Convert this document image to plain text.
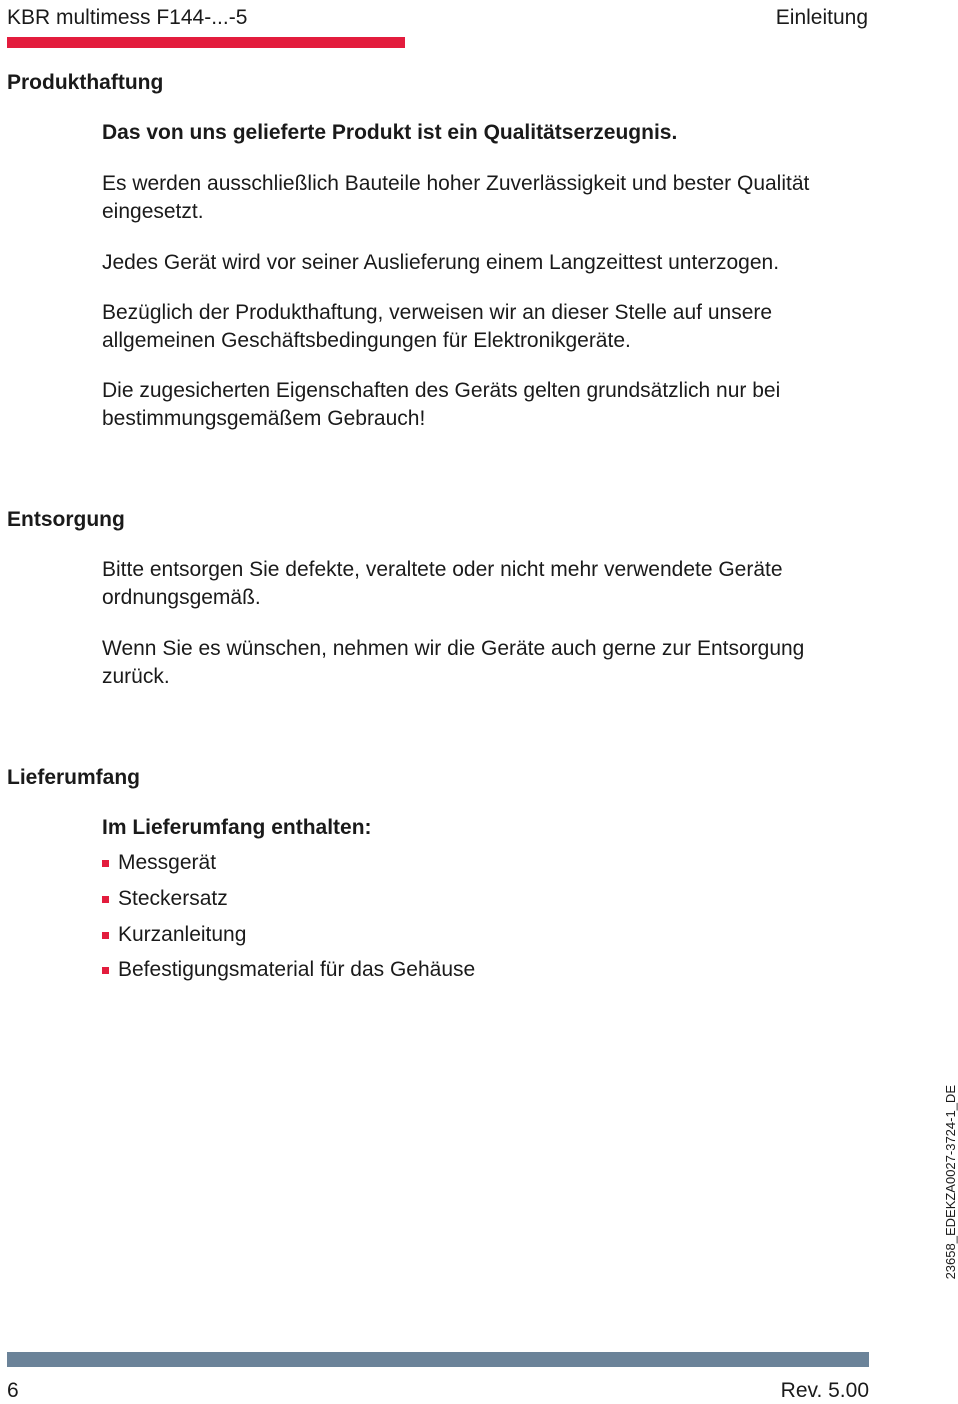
KBR multimess F144-...-5	Einleitung
Produkthaftung

Das von uns gelieferte Produkt ist ein Qualitätserzeugnis.

Es werden ausschließlich Bauteile hoher Zuverlässigkeit und bester Qualität eingesetzt.

Jedes Gerät wird vor seiner Auslieferung einem Langzeittest unterzogen.

Bezüglich der Produkthaftung, verweisen wir an dieser Stelle auf unsere allgemeinen Geschäftsbedingungen für Elektronikgeräte.

Die zugesicherten Eigenschaften des Geräts gelten grundsätzlich nur bei bestimmungsgemäßem Gebrauch!

Entsorgung

Bitte entsorgen Sie defekte, veraltete oder nicht mehr verwendete Geräte ordnungsgemäß.

Wenn Sie es wünschen, nehmen wir die Geräte auch gerne zur Entsorgung zurück.

Lieferumfang

Im Lieferumfang enthalten:

Messgerät
Steckersatz
Kurzanleitung
Befestigungsmaterial für das Gehäuse
23658_EDEKZA0027-3724-1_DE
6	Rev. 5.00
